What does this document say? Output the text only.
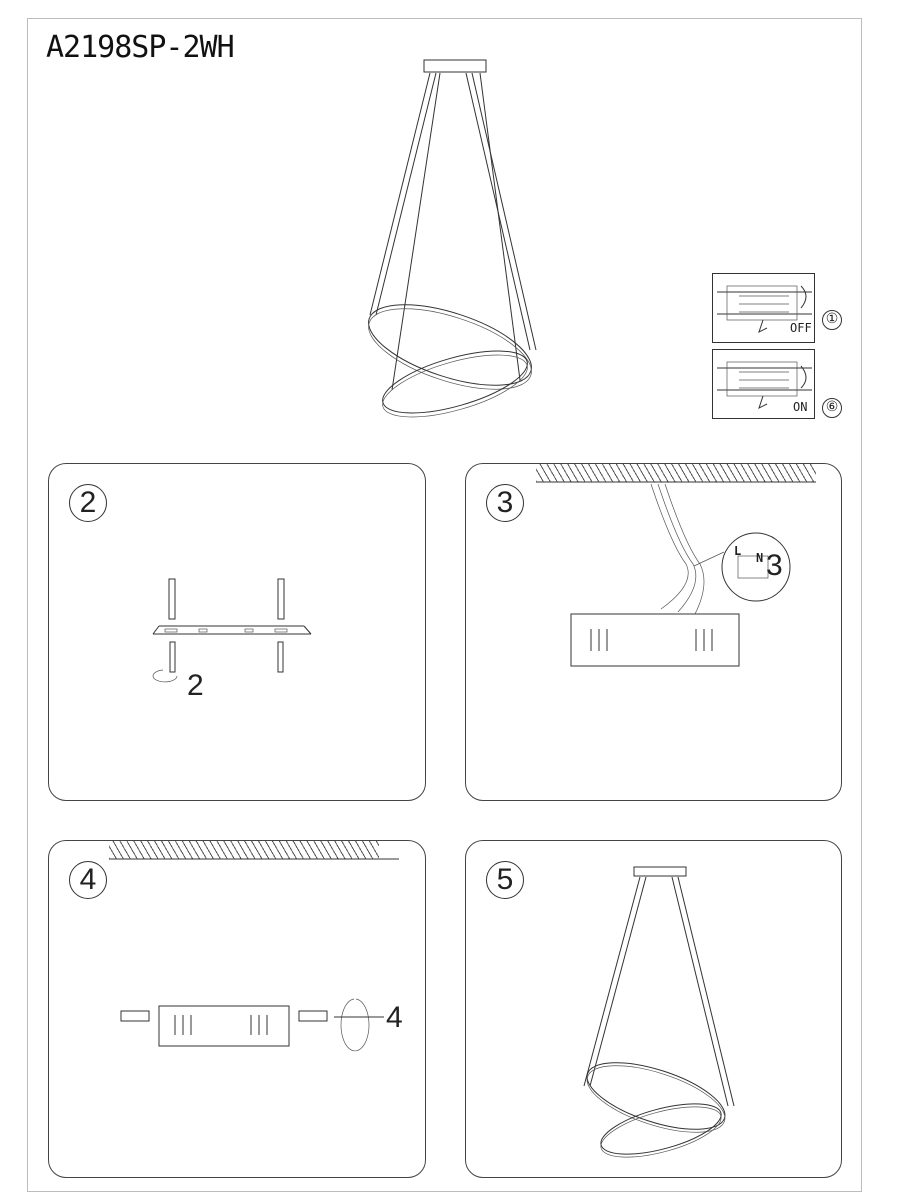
A2198SP-2WH
OFF
①
ON ⑥
2
2
L N
3
3
4
4
5
